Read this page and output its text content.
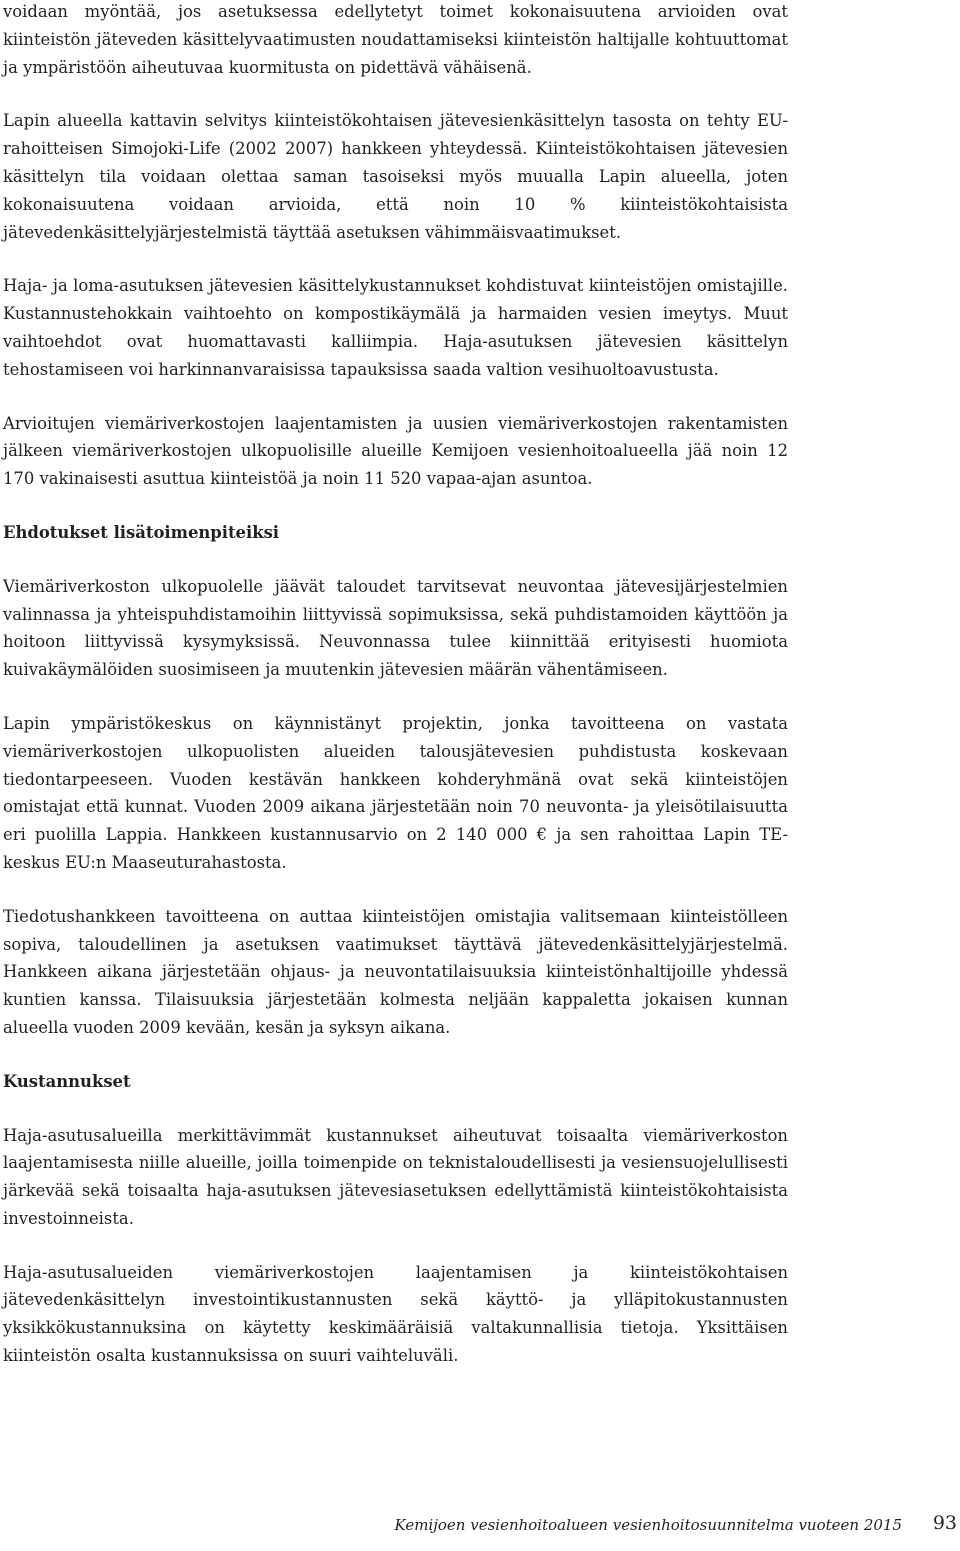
voidaan myöntää, jos asetuksessa edellytetyt toimet kokonaisuutena arvioiden ovat kiinteistön jäteveden käsittelyvaatimusten noudattamiseksi kiinteistön haltijalle kohtuuttomat ja ympäristöön aiheutuvaa kuormitusta on pidettävä vähäisenä.

Lapin alueella kattavin selvitys kiinteistökohtaisen jätevesienkäsittelyn tasosta on tehty EU-rahoitteisen Simojoki-Life (2002 2007) hankkeen yhteydessä. Kiinteistökohtaisen jätevesien käsittelyn tila voidaan olettaa saman tasoiseksi myös muualla Lapin alueella, joten kokonaisuutena voidaan arvioida, että noin 10 % kiinteistökohtaisista jätevedenkäsittelyjärjestelmistä täyttää asetuksen vähimmäisvaatimukset.

Haja- ja loma-asutuksen jätevesien käsittelykustannukset kohdistuvat kiinteistöjen omistajille. Kustannustehokkain vaihtoehto on kompostikäymälä ja harmaiden vesien imeytys. Muut vaihtoehdot ovat huomattavasti kalliimpia. Haja-asutuksen jätevesien käsittelyn tehostamiseen voi harkinnanvaraisissa tapauksissa saada valtion vesihuoltoavustusta.

Arvioitujen viemäriverkostojen laajentamisten ja uusien viemäriverkostojen rakentamisten jälkeen viemäriverkostojen ulkopuolisille alueille Kemijoen vesienhoitoalueella jää noin 12 170 vakinaisesti asuttua kiinteistöä ja noin 11 520 vapaa-ajan asuntoa.

Ehdotukset lisätoimenpiteiksi

Viemäriverkoston ulkopuolelle jäävät taloudet tarvitsevat neuvontaa jätevesijärjestelmien valinnassa ja yhteispuhdistamoihin liittyvissä sopimuksissa, sekä puhdistamoiden käyttöön ja hoitoon liittyvissä kysymyksissä. Neuvonnassa tulee kiinnittää erityisesti huomiota kuivakäymälöiden suosimiseen ja muutenkin jätevesien määrän vähentämiseen.

Lapin ympäristökeskus on käynnistänyt projektin, jonka tavoitteena on vastata viemäriverkostojen ulkopuolisten alueiden talousjätevesien puhdistusta koskevaan tiedontarpeeseen. Vuoden kestävän hankkeen kohderyhmänä ovat sekä kiinteistöjen omistajat että kunnat. Vuoden 2009 aikana järjestetään noin 70 neuvonta- ja yleisötilaisuutta eri puolilla Lappia. Hankkeen kustannusarvio on 2 140 000 € ja sen rahoittaa Lapin TE-keskus EU:n Maaseuturahastosta.

Tiedotushankkeen tavoitteena on auttaa kiinteistöjen omistajia valitsemaan kiinteistölleen sopiva, taloudellinen ja asetuksen vaatimukset täyttävä jätevedenkäsittelyjärjestelmä. Hankkeen aikana järjestetään ohjaus- ja neuvontatilaisuuksia kiinteistönhaltijoille yhdessä kuntien kanssa. Tilaisuuksia järjestetään kolmesta neljään kappaletta jokaisen kunnan alueella vuoden 2009 kevään, kesän ja syksyn aikana.

Kustannukset

Haja-asutusalueilla merkittävimmät kustannukset aiheutuvat toisaalta viemäriverkoston laajentamisesta niille alueille, joilla toimenpide on teknistaloudellisesti ja vesiensuojelullisesti järkevää sekä toisaalta haja-asutuksen jätevesiasetuksen edellyttämistä kiinteistökohtaisista investoinneista.

Haja-asutusalueiden viemäriverkostojen laajentamisen ja kiinteistökohtaisen jätevedenkäsittelyn investointikustannusten sekä käyttö- ja ylläpitokustannusten yksikkökustannuksina on käytetty keskimääräisiä valtakunnallisia tietoja. Yksittäisen kiinteistön osalta kustannuksissa on suuri vaihteluväli.

Kemijoen vesienhoitoalueen vesienhoitosuunnitelma vuoteen 2015 93
